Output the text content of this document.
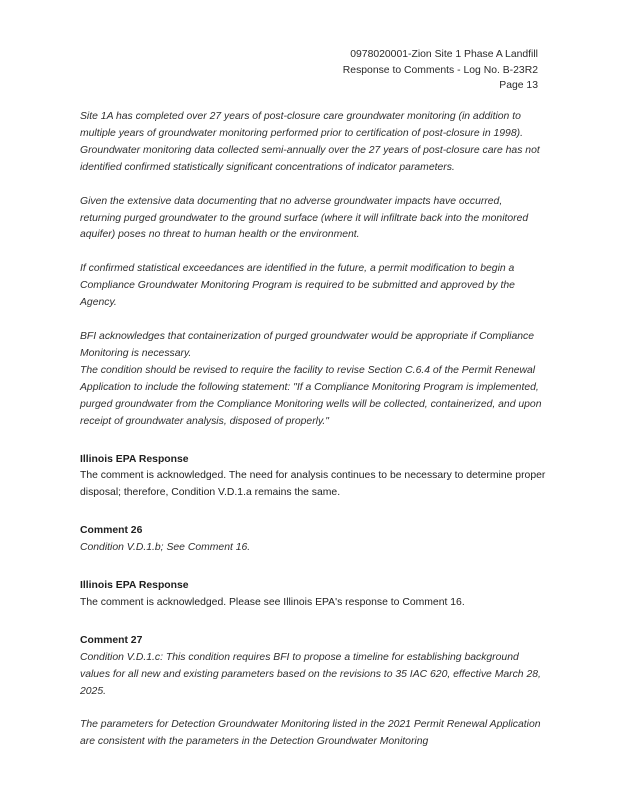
0978020001-Zion Site 1 Phase A Landfill
Response to Comments - Log No. B-23R2
Page 13

Site 1A has completed over 27 years of post-closure care groundwater monitoring (in addition to multiple years of groundwater monitoring performed prior to certification of post-closure in 1998). Groundwater monitoring data collected semi-annually over the 27 years of post-closure care has not identified confirmed statistically significant concentrations of indicator parameters.

Given the extensive data documenting that no adverse groundwater impacts have occurred, returning purged groundwater to the ground surface (where it will infiltrate back into the monitored aquifer) poses no threat to human health or the environment.

If confirmed statistical exceedances are identified in the future, a permit modification to begin a Compliance Groundwater Monitoring Program is required to be submitted and approved by the Agency.

BFI acknowledges that containerization of purged groundwater would be appropriate if Compliance Monitoring is necessary.

The condition should be revised to require the facility to revise Section C.6.4 of the Permit Renewal Application to include the following statement: "If a Compliance Monitoring Program is implemented, purged groundwater from the Compliance Monitoring wells will be collected, containerized, and upon receipt of groundwater analysis, disposed of properly."

Illinois EPA Response

The comment is acknowledged. The need for analysis continues to be necessary to determine proper disposal; therefore, Condition V.D.1.a remains the same.

Comment 26

Condition V.D.1.b; See Comment 16.

Illinois EPA Response

The comment is acknowledged. Please see Illinois EPA's response to Comment 16.

Comment 27

Condition V.D.1.c: This condition requires BFI to propose a timeline for establishing background values for all new and existing parameters based on the revisions to 35 IAC 620, effective March 28, 2025.

The parameters for Detection Groundwater Monitoring listed in the 2021 Permit Renewal Application are consistent with the parameters in the Detection Groundwater Monitoring
